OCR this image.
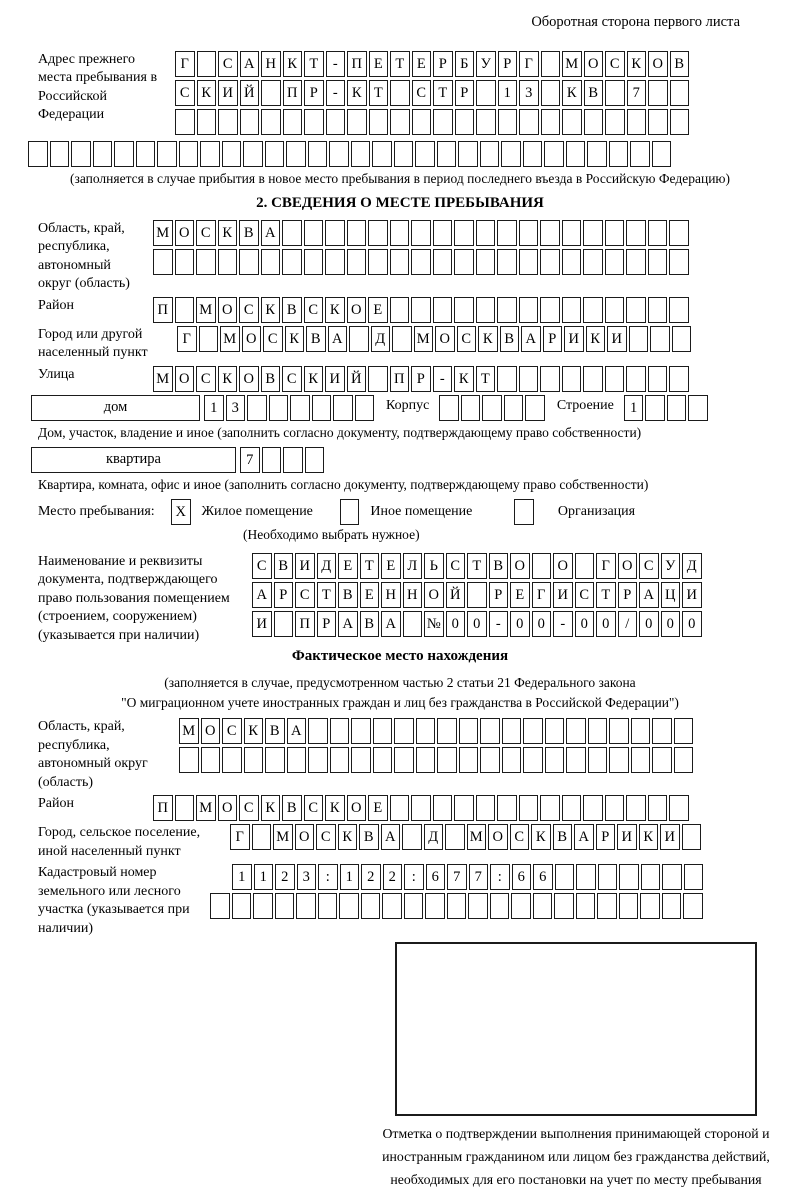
Оборотная сторона первого листа
Адрес прежнего места пребывания в Российской Федерации
Г	С А Н К Т	- П Е Т Е Р Б У Р Г	М О С К О В
С К И Й	П Р	- К Т	С Т Р	1 3	К В	7
(заполняется в случае прибытия в новое место пребывания в период последнего въезда в Российскую Федерацию)
2. СВЕДЕНИЯ О МЕСТЕ ПРЕБЫВАНИЯ
Область, край, республика, автономный округ (область)
М О С К В А
Район	П	М О С К В С К О Е
Город или другой населенный пункт
Г	М О С К В А	Д	М О С К В А Р И К И
Улица	М О С К О В С К И Й	П Р	- К Т
дом	1 3	Корпус	Строение	1
Дом, участок, владение и иное (заполнить согласно документу, подтверждающему право собственности)
квартира	7
Квартира, комната, офис и иное (заполнить согласно документу, подтверждающему право собственности)
Место пребывания:	X	Жилое помещение	Иное помещение	Организация
(Необходимо выбрать нужное)
Наименование и реквизиты документа, подтверждающего право пользования помещением (строением, сооружением) (указывается при наличии)
С В И Д Е Т Е Л Ь С Т В О	О	Г О С У Д
А Р С Т В Е Н Н О Й	Р Е Г И С Т Р А Ц И
И	П Р А В А	№ 0 0	-	0 0	-	0 0	/	0 0 0
Фактическое место нахождения
(заполняется в случае, предусмотренном частью 2 статьи 21 Федерального закона
"О миграционном учете иностранных граждан и лиц без гражданства в Российской Федерации")
Область, край, республика, автономный округ (область)
М О С К В А
Район	П	М О С К В С К О Е
Город, сельское поселение, иной населенный пункт
Г	М О С К В А	Д	М О С К В А Р И К И
Кадастровый номер земельного или лесного участка (указывается при наличии)
1 1 2 3	:	1 2 2	:	6 7 7	:	6 6
Отметка о подтверждении выполнения принимающей стороной и иностранным гражданином или лицом без гражданства действий, необходимых для его постановки на учет по месту пребывания
